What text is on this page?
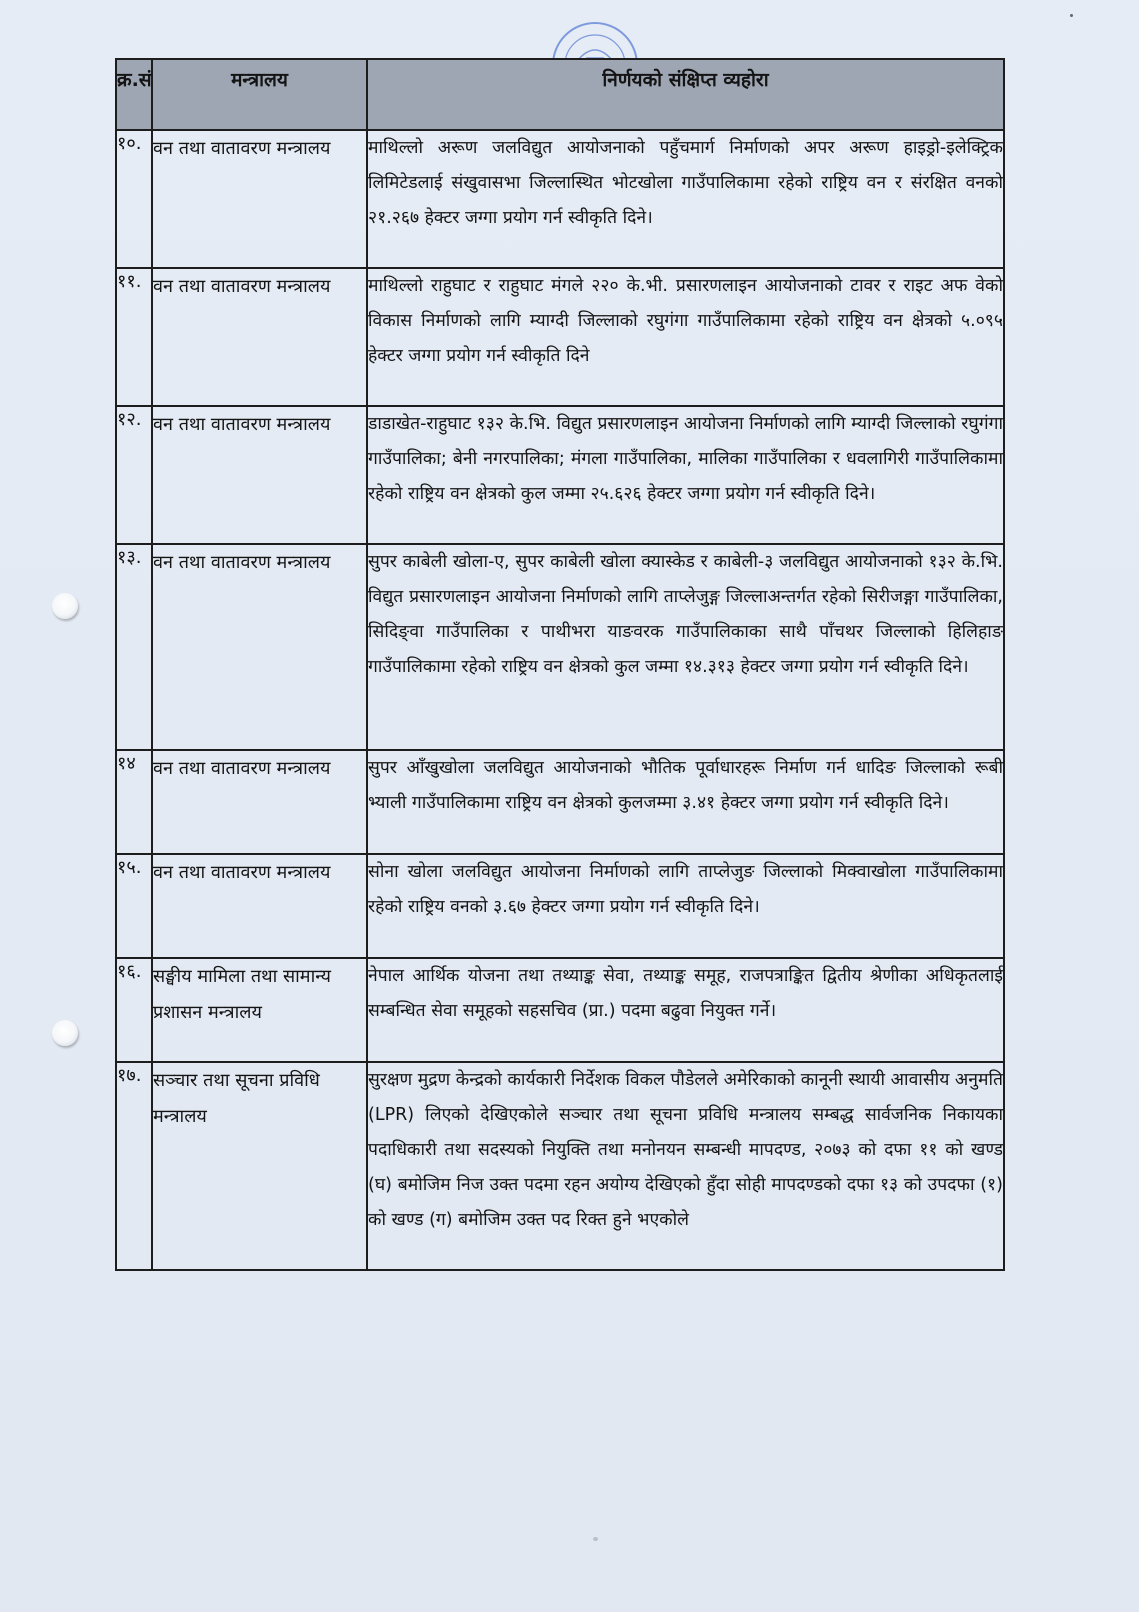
क्र.सं	मन्त्रालय	निर्णयको संक्षिप्त व्यहोरा
१०.	वन तथा वातावरण मन्त्रालय	माथिल्लो अरूण जलविद्युत आयोजनाको पहुँचमार्ग निर्माणको अपर अरूण हाइड्रो-इलेक्ट्रिक लिमिटेडलाई संखुवासभा जिल्लास्थित भोटखोला गाउँपालिकामा रहेको राष्ट्रिय वन र संरक्षित वनको २१.२६७ हेक्टर जग्गा प्रयोग गर्न स्वीकृति दिने।
११.	वन तथा वातावरण मन्त्रालय	माथिल्लो राहुघाट र राहुघाट मंगले २२० के.भी. प्रसारणलाइन आयोजनाको टावर र राइट अफ वेको विकास निर्माणको लागि म्याग्दी जिल्लाको रघुगंगा गाउँपालिकामा रहेको राष्ट्रिय वन क्षेत्रको ५.०९५ हेक्टर जग्गा प्रयोग गर्न स्वीकृति दिने
१२.	वन तथा वातावरण मन्त्रालय	डाडाखेत-राहुघाट १३२ के.भि. विद्युत प्रसारणलाइन आयोजना निर्माणको लागि म्याग्दी जिल्लाको रघुगंगा गाउँपालिका; बेनी नगरपालिका; मंगला गाउँपालिका, मालिका गाउँपालिका र धवलागिरी गाउँपालिकामा रहेको राष्ट्रिय वन क्षेत्रको कुल जम्मा २५.६२६ हेक्टर जग्गा प्रयोग गर्न स्वीकृति दिने।
१३.	वन तथा वातावरण मन्त्रालय	सुपर काबेली खोला-ए, सुपर काबेली खोला क्यास्केड र काबेली-३ जलविद्युत आयोजनाको १३२ के.भि. विद्युत प्रसारणलाइन आयोजना निर्माणको लागि ताप्लेजुङ्ग जिल्लाअन्तर्गत रहेको सिरीजङ्गा गाउँपालिका, सिदिङ्वा गाउँपालिका र पाथीभरा याङवरक गाउँपालिकाका साथै पाँचथर जिल्लाको हिलिहाङ गाउँपालिकामा रहेको राष्ट्रिय वन क्षेत्रको कुल जम्मा १४.३१३ हेक्टर जग्गा प्रयोग गर्न स्वीकृति दिने।
१४	वन तथा वातावरण मन्त्रालय	सुपर आँखुखोला जलविद्युत आयोजनाको भौतिक पूर्वाधारहरू निर्माण गर्न धादिङ जिल्लाको रूबी भ्याली गाउँपालिकामा राष्ट्रिय वन क्षेत्रको कुलजम्मा ३.४१ हेक्टर जग्गा प्रयोग गर्न स्वीकृति दिने।
१५.	वन तथा वातावरण मन्त्रालय	सोना खोला जलविद्युत आयोजना निर्माणको लागि ताप्लेजुङ जिल्लाको मिक्वाखोला गाउँपालिकामा रहेको राष्ट्रिय वनको ३.६७ हेक्टर जग्गा प्रयोग गर्न स्वीकृति दिने।
१६.	सङ्घीय मामिला तथा सामान्य प्रशासन मन्त्रालय	नेपाल आर्थिक योजना तथा तथ्याङ्क सेवा, तथ्याङ्क समूह, राजपत्राङ्कित द्वितीय श्रेणीका अधिकृतलाई सम्बन्धित सेवा समूहको सहसचिव (प्रा.) पदमा बढुवा नियुक्त गर्ने।
१७.	सञ्चार तथा सूचना प्रविधि मन्त्रालय	सुरक्षण मुद्रण केन्द्रको कार्यकारी निर्देशक विकल पौडेलले अमेरिकाको कानूनी स्थायी आवासीय अनुमति (LPR) लिएको देखिएकोले सञ्चार तथा सूचना प्रविधि मन्त्रालय सम्बद्ध सार्वजनिक निकायका पदाधिकारी तथा सदस्यको नियुक्ति तथा मनोनयन सम्बन्धी मापदण्ड, २०७३ को दफा ११ को खण्ड (घ) बमोजिम निज उक्त पदमा रहन अयोग्य देखिएको हुँदा सोही मापदण्डको दफा १३ को उपदफा (१) को खण्ड (ग) बमोजिम उक्त पद रिक्त हुने भएकोले
